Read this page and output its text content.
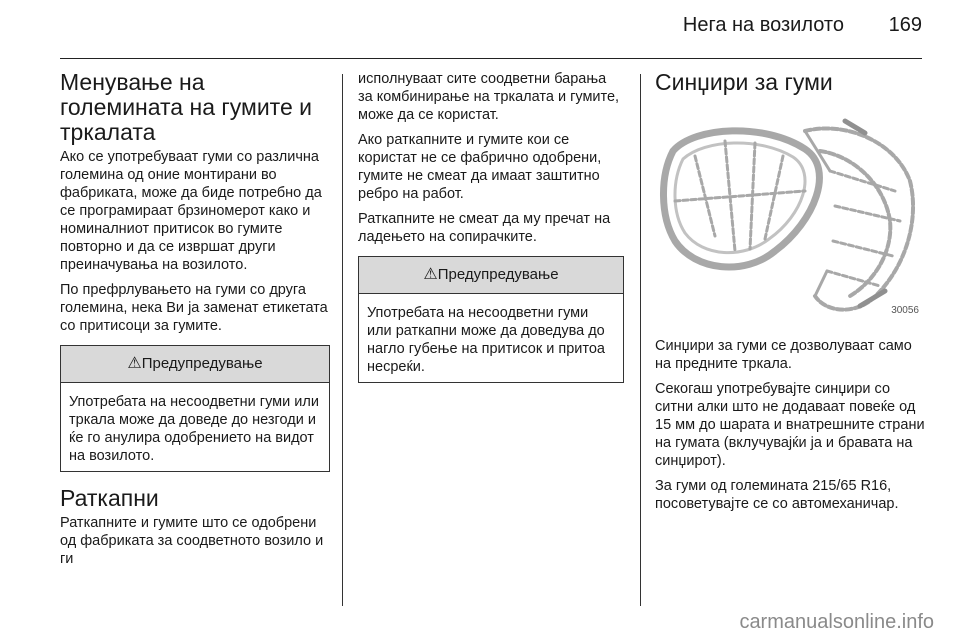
Нега на возилото 169
Менување на големината на гумите и тркалата

Ако се употребуваат гуми со различна големина од оние монтирани во фабриката, може да биде потребно да се програмираат брзиномерот како и номиналниот притисок во гумите повторно и да се извршат други преиначувања на возилото.

По префрлувањето на гуми со друга големина, нека Ви ја заменат етикетата со притисоци за гумите.

⚠Предупредување

Употребата на несоодветни гуми или тркала може да доведе до незгоди и ќе го анулира одобрението на видот на возилото.

Раткапни

Раткапните и гумите што се одобрени од фабриката за соодветното возило и ги

исполнуваат сите соодветни барања за комбинирање на тркалата и гумите, може да се користат.

Ако раткапните и гумите кои се користат не се фабрично одобрени, гумите не смеат да имаат заштитно ребро на работ.

Раткапните не смеат да му пречат на ладењето на сопирачките.

⚠Предупредување

Употребата на несоодветни гуми или раткапни може да доведува до нагло губење на притисок и притоа несреќи.

Синџири за гуми
30056

Синџири за гуми се дозволуваат само на предните тркала.

Секогаш употребувајте синџири со ситни алки што не додаваат повеќе од 15 мм до шарата и внатрешните страни на гумата (вклучувајќи ја и бравата на синџирот).

За гуми од големината 215/65 R16, посоветувајте се со автомеханичар.

carmanualsonline.info
